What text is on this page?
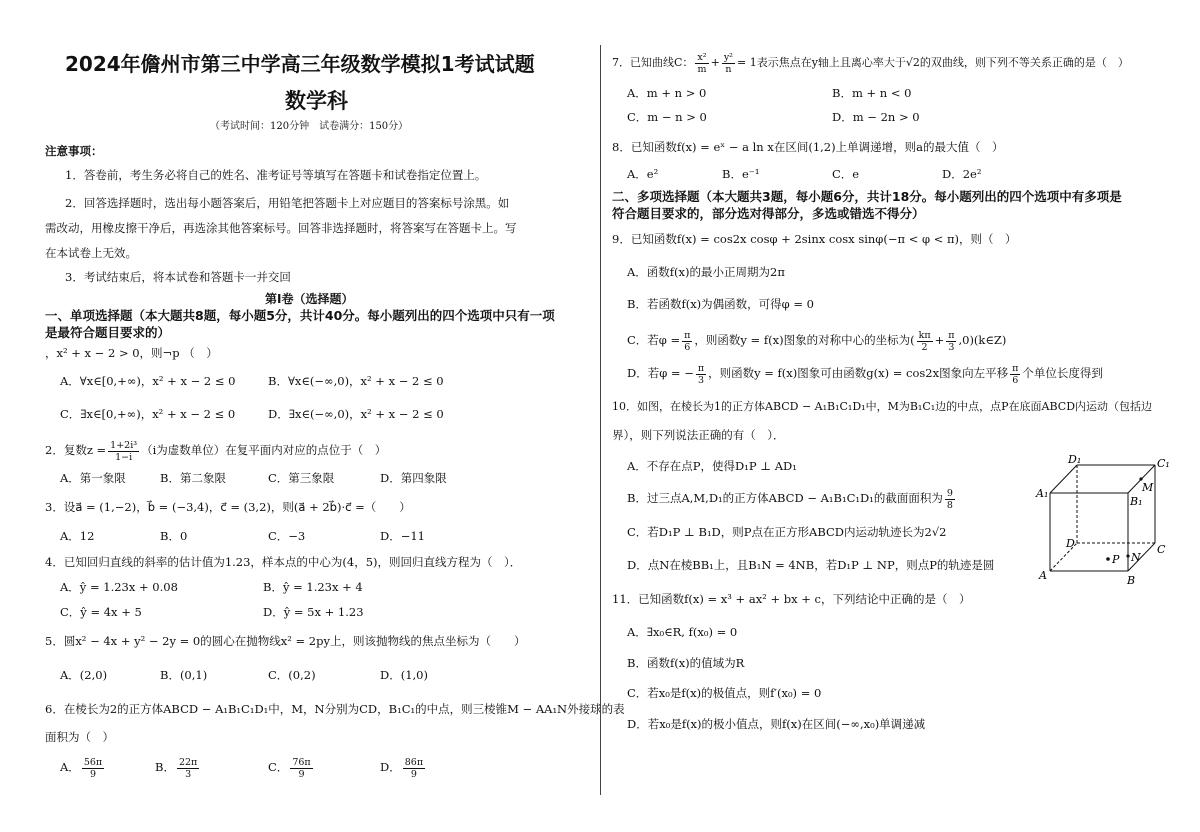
2024年儋州市第三中学高三年级数学模拟1考试试题
数学科
（考试时间：120分钟　试卷满分：150分）
注意事项：
1．答卷前，考生务必将自己的姓名、准考证号等填写在答题卡和试卷指定位置上。
2．回答选择题时，选出每小题答案后，用铅笔把答题卡上对应题目的答案标号涂黑。如
需改动，用橡皮擦干净后，再选涂其他答案标号。回答非选择题时，将答案写在答题卡上。写
在本试卷上无效。
3．考试结束后，将本试卷和答题卡一并交回
第Ⅰ卷（选择题）
一、单项选择题（本大题共8题，每小题5分，共计40分。每小题列出的四个选项中只有一项
是最符合题目要求的）
，x² + x − 2 > 0，则¬p （　）
A．∀x∈[0,+∞)，x² + x − 2 ≤ 0	B．∀x∈(−∞,0)，x² + x − 2 ≤ 0
C．∃x∈[0,+∞)，x² + x − 2 ≤ 0	D．∃x∈(−∞,0)，x² + x − 2 ≤ 0
2．复数$z = \frac{\text{1+2i³}}{1-i} (i$为虚数单位）在复平面内对应的点位于（　）
A．第一象限	B．第二象限	C．第三象限	D．第四象限
3．设a⃗ = (1,−2)，b⃗ = (−3,4)，c⃗ = (3,2)，则(a⃗ + 2b⃗)·c⃗ =（　　）
A．12	B．0	C．−3	D．−11
4．已知回归直线的斜率的估计值为1.23，样本点的中心为(4，5)，则回归直线方程为（　）．
A．ŷ = 1.23x + 0.08	B．ŷ = 1.23x + 4
C．ŷ = 4x + 5	D．ŷ = 5x + 1.23
5．圆x² − 4x + y² − 2y = 0的圆心在抛物线x² = 2py上，则该抛物线的焦点坐标为（　　）
A．(2,0)	B．(0,1)	C．(0,2)	D．(1,0)
6．在棱长为2的正方体ABCD − A₁B₁C₁D₁中，M，N分别为CD，B₁C₁的中点，则三棱锥M − AA₁N外接球的表
面积为（　）
A． $\frac{56\pi}{9}$	B． $\frac{22\pi}{3}$	C． $\frac{76\pi}{9}$	D． $\frac{86\pi}{9}$
7．已知曲线C： $\frac{\text{x²}}{m} + \frac{\text{y²}}{n} = 1$表示焦点在y轴上且离心率大于√2的双曲线，则下列不等关系正确的是（　）
A．m + n > 0	B．m + n < 0
C．m − n > 0	D．m − 2n > 0
8．已知函数f(x) = eˣ − a ln x在区间(1,2)上单调递增，则a的最大值（　）
A．e²	B．e⁻¹	C．e	D．2e²
二、多项选择题（本大题共3题，每小题6分，共计18分。每小题列出的四个选项中有多项是
符合题目要求的，部分选对得部分，多选或错选不得分）
9．已知函数f(x) = cos2x cosφ + 2sinx cosx sinφ(−π < φ < π)，则（　）
A．函数f(x)的最小正周期为2π
B．若函数f(x)为偶函数，可得φ = 0
C．若$\varphi = \frac{\pi}{6}$ ，则函数y = f(x)图象的对称中心的坐标为( $\frac{k\pi}{2} + \frac{\pi}{3}$ ,0)(k∈Z)
D．若φ = − $\frac{\pi}{3}$ ，则函数y = f(x)图象可由函数g(x) = cos2x图象向左平移 $\frac{\pi}{6}$ 个单位长度得到
10．如图，在棱长为1的正方体ABCD − A₁B₁C₁D₁中，M为B₁C₁边的中点，点P在底面ABCD内运动（包括边
界），则下列说法正确的有（　）．
A．不存在点P，使得D₁P ⊥ AD₁
B．过三点A,M,D₁的正方体ABCD − A₁B₁C₁D₁的截面面积为 $\frac{9}{8}$
C．若D₁P ⊥ B₁D，则P点在正方形ABCD内运动轨迹长为2√2
D．点N在棱BB₁上，且B₁N = 4NB，若D₁P ⊥ NP，则点P的轨迹是圆
11．已知函数f(x) = x³ + ax² + bx + c，下列结论中正确的是（　）
A．∃x₀∈R, f(x₀) = 0
B．函数f(x)的值域为R
C．若x₀是f(x)的极值点，则f′(x₀) = 0
D．若x₀是f(x)的极小值点，则f(x)在区间(−∞,x₀)单调递减
D₁	C₁
A₁
B₁
M
D	C
A	B
N
P
